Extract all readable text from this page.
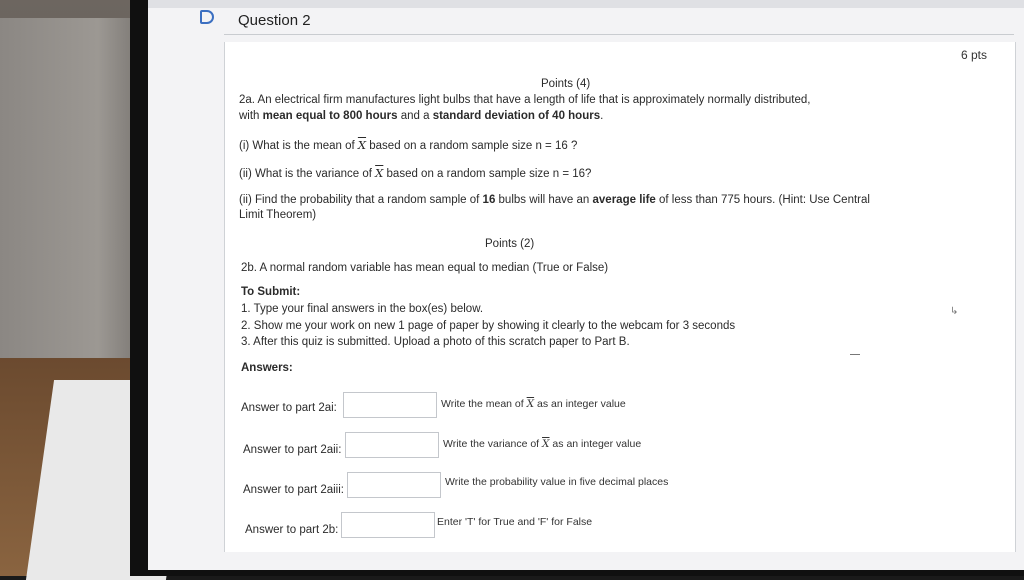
Question 2
6 pts
Points (4)
2a. An electrical firm manufactures light bulbs that have a length of life that is approximately normally distributed,
with mean equal to 800 hours and a standard deviation of 40 hours.
(i) What is the mean of $\overline{X}$ based on a random sample size n = 16 ?
(ii) What is the variance of $\overline{X}$ based on a random sample size n = 16?
(ii) Find the probability that a random sample of 16 bulbs will have an average life of less than 775 hours. (Hint: Use Central
Limit Theorem)
Points (2)
2b. A normal random variable has mean equal to median (True or False)
To Submit:
1. Type your final answers in the box(es) below.
2. Show me your work on new 1 page of paper by showing it clearly to the webcam for 3 seconds
3. After this quiz is submitted. Upload a photo of this scratch paper to Part B.
Answers:
Answer to part 2ai:	Write the mean of $\overline{X}$ as an integer value
Answer to part 2aii:	Write the variance of $\overline{X}$ as an integer value
Answer to part 2aiii:
Write the probability value in five decimal places
Answer to part 2b:
Enter 'T' for True and 'F' for False
↳
